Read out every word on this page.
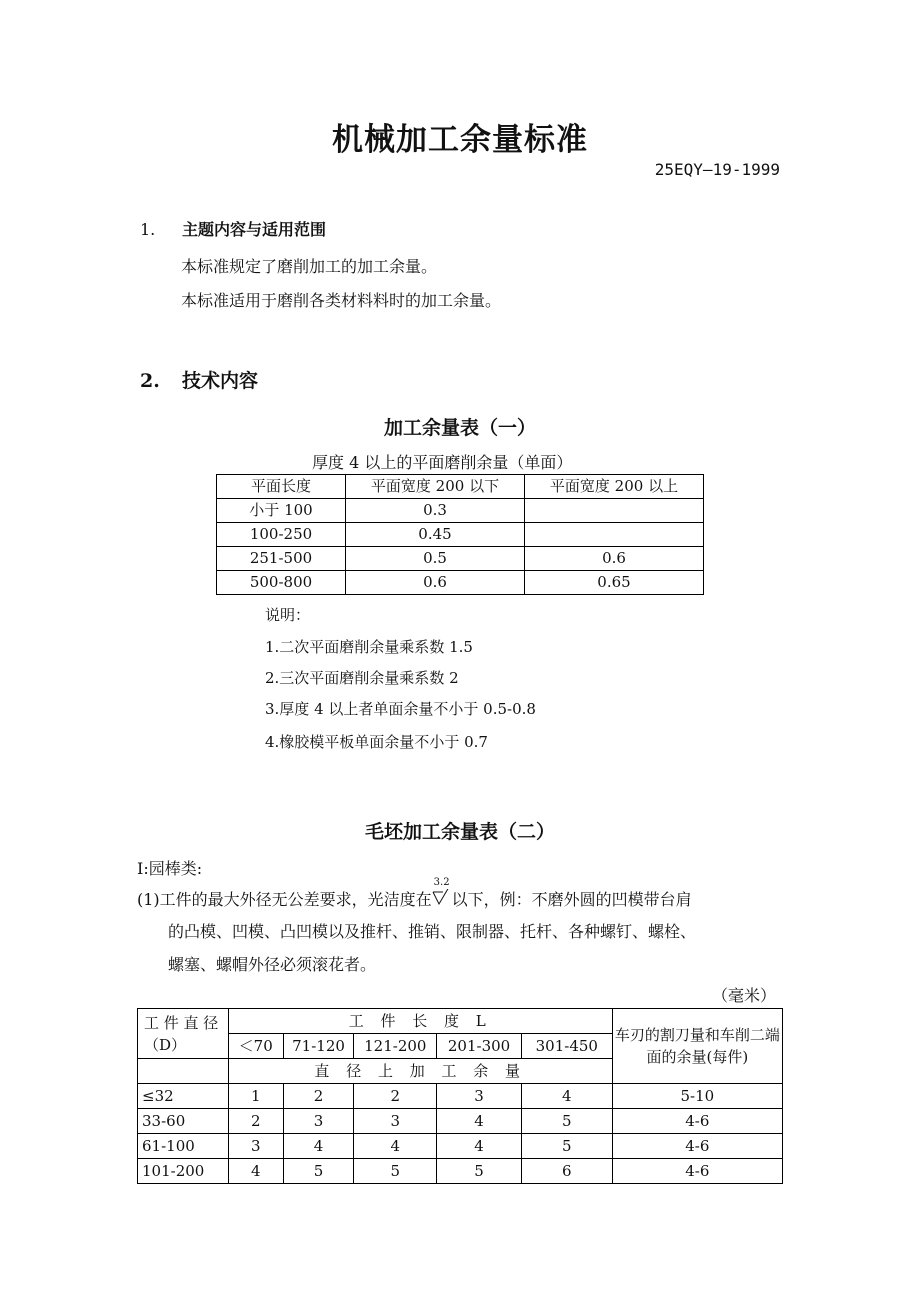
机械加工余量标准
25EQY—19-1999
1. 主题内容与适用范围
本标准规定了磨削加工的加工余量。
本标准适用于磨削各类材料料时的加工余量。
2. 技术内容
加工余量表（一）
厚度 4 以上的平面磨削余量（单面）
平面长度	平面宽度 200 以下	平面宽度 200 以上
小于 100	0.3	
100-250	0.45	
251-500	0.5	0.6
500-800	0.6	0.65
说明：
1.二次平面磨削余量乘系数 1.5
2.三次平面磨削余量乘系数 2
3.厚度 4 以上者单面余量不小于 0.5-0.8
4.橡胶模平板单面余量不小于 0.7
毛坯加工余量表（二）
I:园棒类:
(1)工件的最大外径无公差要求，光洁度在
3.2
以下，例：不磨外圆的凹模带台肩
的凸模、凹模、凸凹模以及推杆、推销、限制器、托杆、各种螺钉、螺栓、
螺塞、螺帽外径必须滚花者。
（毫米）
工 件 直 径（D）	工 件 长 度 L					车刃的割刀量和车削二端面的余量(每件)
	＜70	71-120	121-200	201-300	301-450	
	直 径 上 加 工 余 量					
≤32	1	2	2	3	4	5-10
33-60	2	3	3	4	5	4-6
61-100	3	4	4	4	5	4-6
101-200	4	5	5	5	6	4-6
